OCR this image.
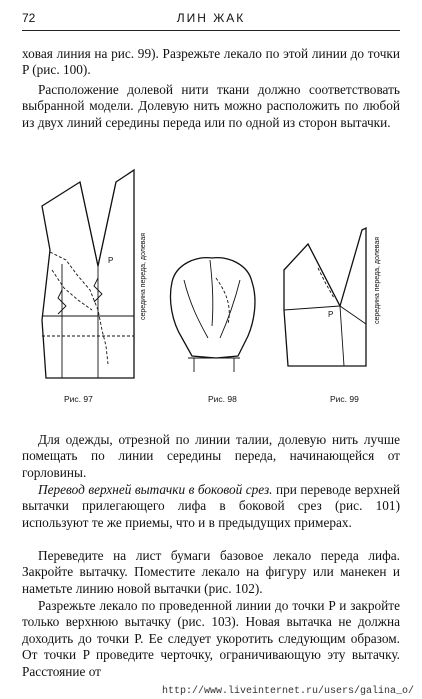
72	ЛИН ЖАК

ховая линия на рис. 99). Разрежьте лекало по этой линии до точки P (рис. 100).

Расположение долевой нити ткани должно соответствовать выбранной модели. Долевую нить можно расположить по любой из двух линий середины переда или по одной из сторон вытачки.

P	середина переда, долевая	середина переда, долевая
P
Рис. 97	Рис. 98	Рис. 99

Для одежды, отрезной по линии талии, долевую нить лучше помещать по линии середины переда, начинающейся от горловины.

Перевод верхней вытачки в боковой срез. при переводе верхней вытачки прилегающего лифа в боковой срез (рис. 101) используют те же приемы, что и в предыдущих примерах.

Переведите на лист бумаги базовое лекало переда лифа. Закройте вытачку. Поместите лекало на фигуру или манекен и наметьте линию новой вытачки (рис. 102).

Разрежьте лекало по проведенной линии до точки P и закройте только верхнюю вытачку (рис. 103). Новая вытачка не должна доходить до точки P. Ее следует укоротить следующим образом. От точки P проведите черточку, ограничивающую эту вытачку. Расстояние от

http://www.liveinternet.ru/users/galina_o/
